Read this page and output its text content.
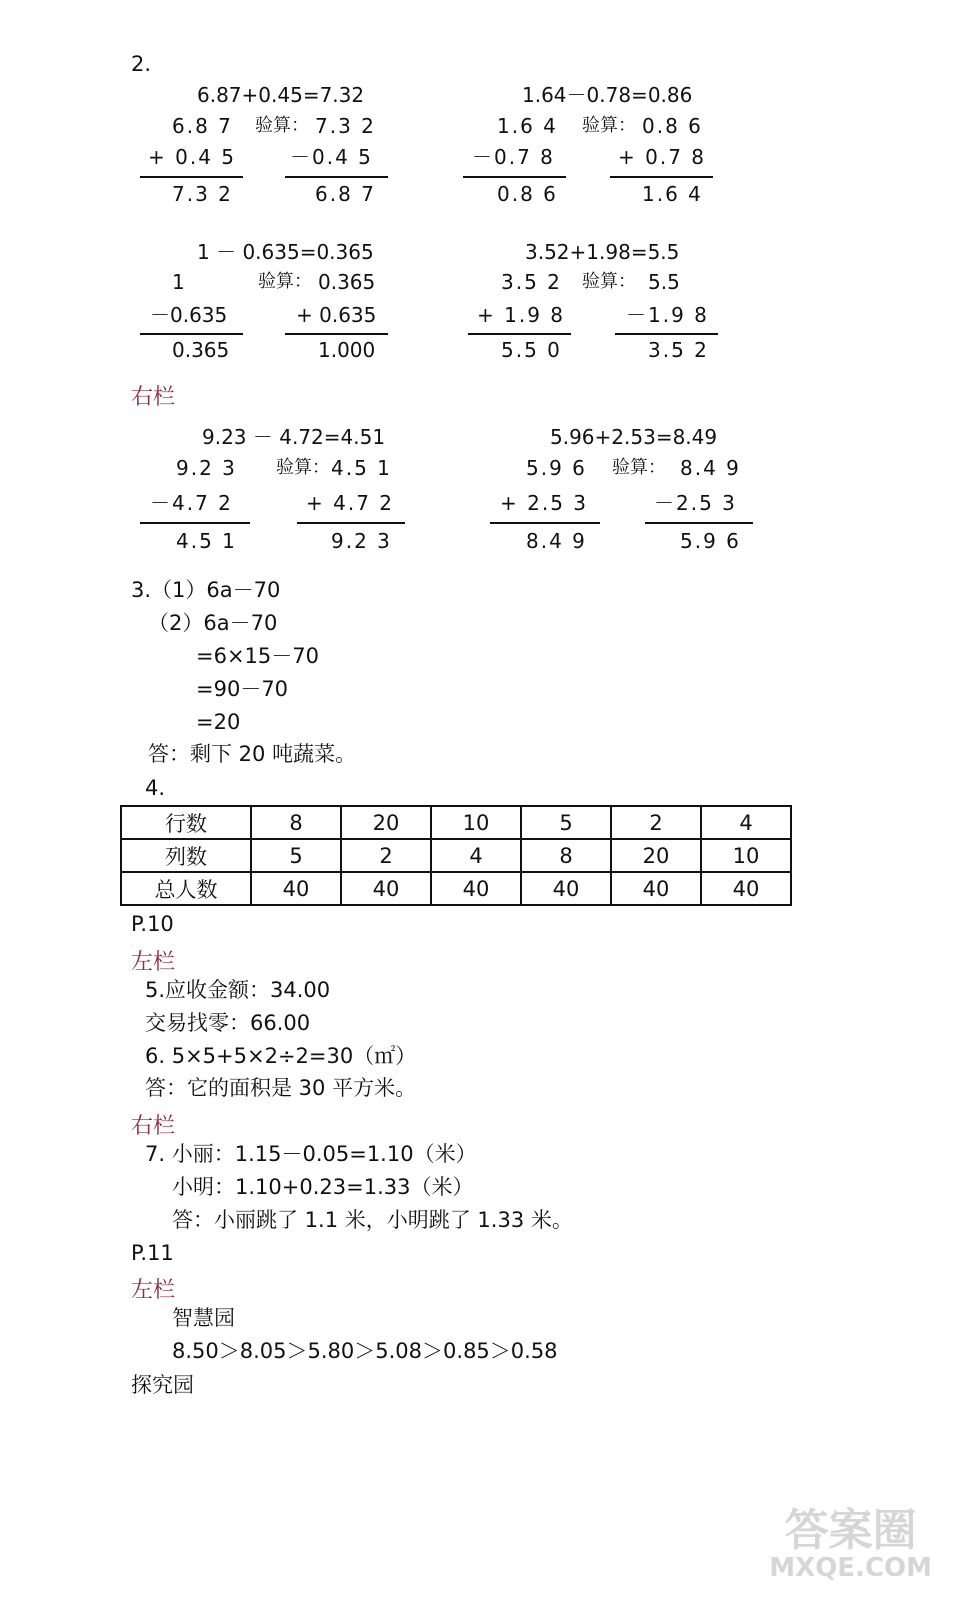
2.
6.87+0.45=7.32
6.8 7 验算： 7.3 2
+ 0.4 5	－0.4 5
7.3 2	6.8 7
1.64－0.78=0.86
1.6 4 验算： 0.8 6
－0.7 8	+ 0.7 8
0.8 6	1.6 4
1 － 0.635=0.365
1	验算： 0.365
－0.635	+ 0.635
0.365	1.000
3.52+1.98=5.5
3.5 2 验算： 5.5
+ 1.9 8	－1.9 8
5.5 0	3.5 2
右栏
9.23 － 4.72=4.51
9.2 3 验算： 4.5 1
－4.7 2	+ 4.7 2
4.5 1	9.2 3
5.96+2.53=8.49
5.9 6 验算： 8.4 9
+ 2.5 3	－2.5 3
8.4 9	5.9 6
3.（1）6a－70
（2）6a－70
=6×15－70
=90－70
=20
答：剩下 20 吨蔬菜。
4.
行数	8	20	10	5	2	4
列数	5	2	4	8	20	10
总人数	40	40	40	40	40	40
P.10
左栏
5.应收金额：34.00
交易找零：66.00
6. 5×5+5×2÷2=30（㎡）
答：它的面积是 30 平方米。
右栏
7. 小丽：1.15－0.05=1.10（米）
小明：1.10+0.23=1.33（米）
答：小丽跳了 1.1 米，小明跳了 1.33 米。
P.11
左栏
智慧园
8.50＞8.05＞5.80＞5.08＞0.85＞0.58
探究园
答案圈
MXQE.COM
